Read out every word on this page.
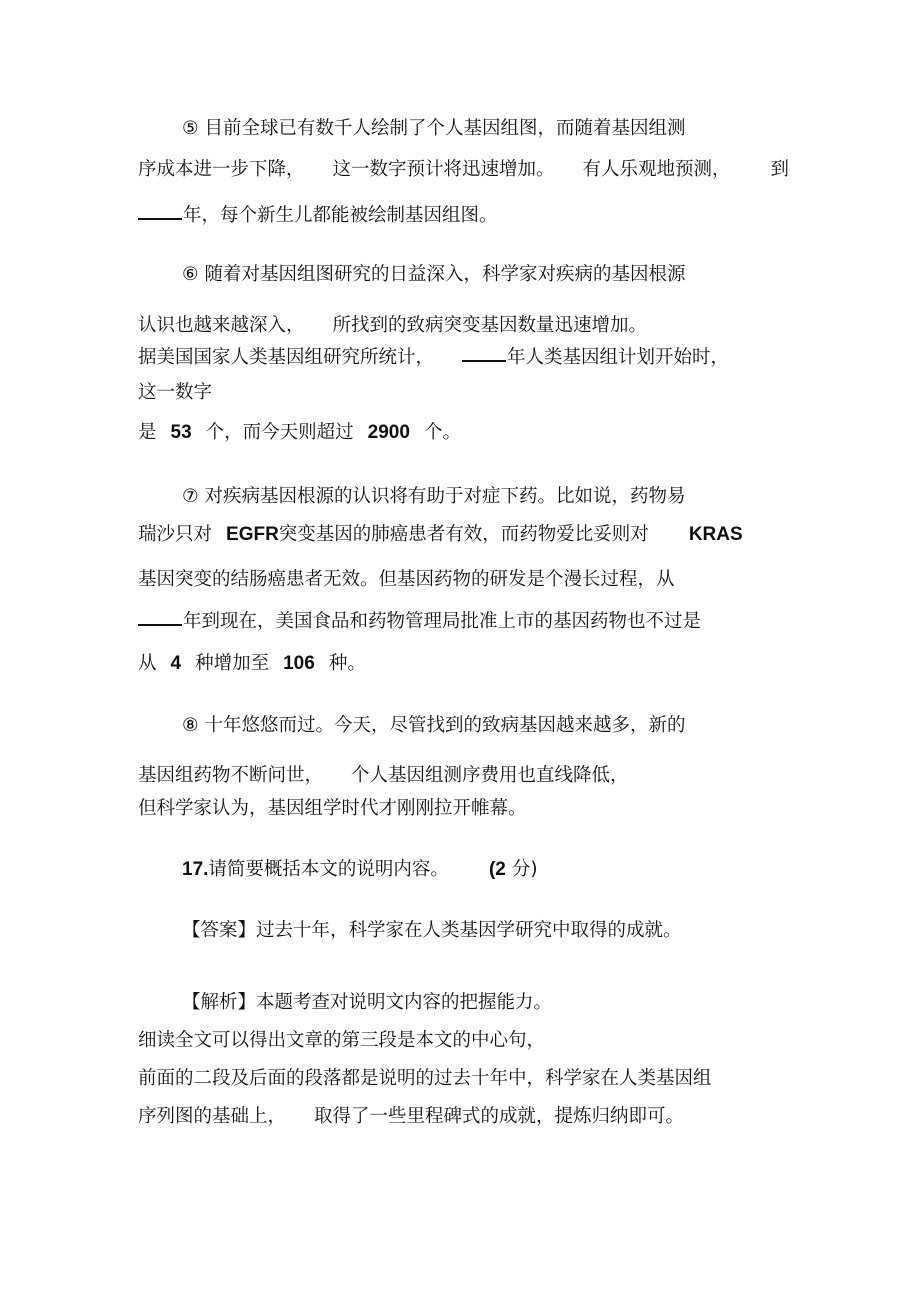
⑤ 目前全球已有数千人绘制了个人基因组图，而随着基因组测
序成本进一步下降， 这一数字预计将迅速增加。 有人乐观地预测， 到
年，每个新生儿都能被绘制基因组图。
⑥ 随着对基因组图研究的日益深入，科学家对疾病的基因根源
认识也越来越深入， 所找到的致病突变基因数量迅速增加。
据美国国家人类基因组研究所统计，	年人类基因组计划开始时，
这一数字
是 53 个，而今天则超过 2900 个。
⑦ 对疾病基因根源的认识将有助于对症下药。比如说，药物易
瑞沙只对 EGFR突变基因的肺癌患者有效，而药物爱比妥则对 KRAS
基因突变的结肠癌患者无效。但基因药物的研发是个漫长过程，从
年到现在，美国食品和药物管理局批准上市的基因药物也不过是
从 4 种增加至 106 种。
⑧ 十年悠悠而过。今天，尽管找到的致病基因越来越多，新的
基因组药物不断问世， 个人基因组测序费用也直线降低，
但科学家认为，基因组学时代才刚刚拉开帷幕。
17.请简要概括本文的说明内容。 (2 分)
【答案】过去十年，科学家在人类基因学研究中取得的成就。
【解析】本题考查对说明文内容的把握能力。
细读全文可以得出文章的第三段是本文的中心句，
前面的二段及后面的段落都是说明的过去十年中，科学家在人类基因组
序列图的基础上， 取得了一些里程碑式的成就，提炼归纳即可。
